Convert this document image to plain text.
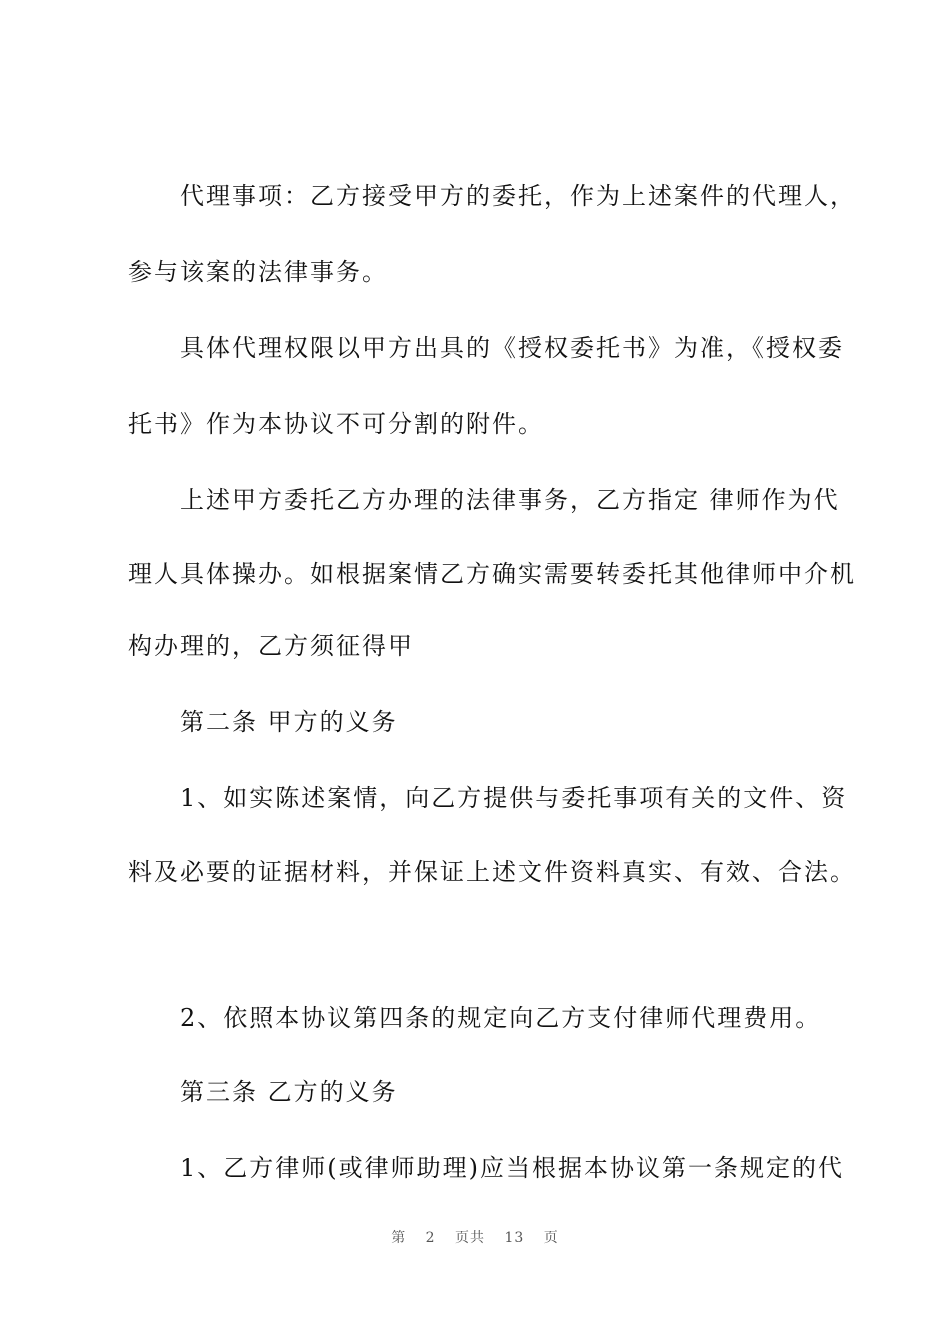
代理事项：乙方接受甲方的委托，作为上述案件的代理人，
参与该案的法律事务。
具体代理权限以甲方出具的《授权委托书》为准，《授权委
托书》作为本协议不可分割的附件。
上述甲方委托乙方办理的法律事务，乙方指定 律师作为代
理人具体操办。如根据案情乙方确实需要转委托其他律师中介机
构办理的，乙方须征得甲
第二条 甲方的义务
1、如实陈述案情，向乙方提供与委托事项有关的文件、资
料及必要的证据材料，并保证上述文件资料真实、有效、合法。
2、依照本协议第四条的规定向乙方支付律师代理费用。
第三条 乙方的义务
1、乙方律师(或律师助理)应当根据本协议第一条规定的代
第 2 页共 13 页
